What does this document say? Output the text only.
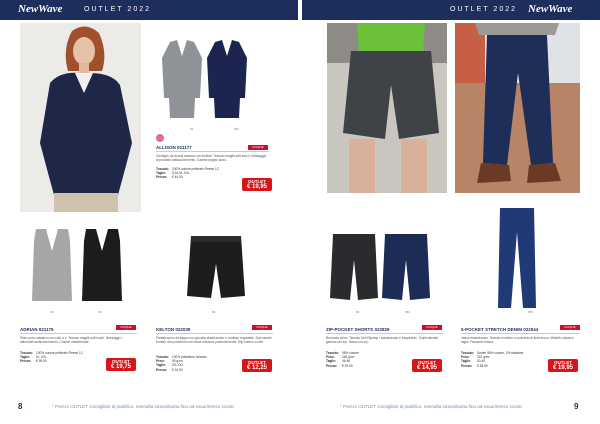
NewWave	OUTLET 2022	OUTLET 2022 NewWave
96	580
ALLISON 021177	CLIQUE
Cardigan da donna classico con bottoni. Tessuto maglia soft touch, finissaggio di prodotto antiscolorimento. Cadrea doppio pizzo.
Tessuto: 100% cotone pettinato Fleece 12
Taglie: S-M-XL-XXL
Prezzo: € 44,50
OUTLET
€ 19,95
95	99	99
ADRIAN 021175	CLIQUE
Gilet uomo classico con collo a V. Tessuto maglia soft touch, finissaggio / ablucotati antiscolorimento. Costine elasticizzate.
Tessuto: 100% cotone pettinato Fleece 12
Taglie: XL-XXL
Prezzo: € 39,50	OUTLET
€ 19,75
KELTON 022039	CLIQUE
Pantaloncino da bagno con girovita elasticizzato e coulisse regolabile. Due tasche frontali, due posteriori con tasca chiusura posteriormente. Slip interno a rete.
Tessuto: 100% poliestere riciclato
Peso: 95 g/m²
Taglie: XS-XXL
Prezzo: € 24,50
OUTLET
€ 12,25
96	580	580
ZIP-POCKET SHORTS 022829	CLIQUE
Bermuda chino. Tessuto Drill Ripstop / elasticizzato e traspirante. Giulia laterale gamba con zip. Tasca con zip.
Tessuto: 98% cotone
Peso: 265 g/m²
Taglie: 46-56
Prezzo: € 29,90
OUTLET
€ 14,95
5-POCKET STRETCH DENIM 022044	CLIQUE
Jeans elasticizzato. Tessuto morbido a contrasto di tinta fuoco. Modello classico taglio. Passanti cintura.
Tessuto: Denim 98% cotone, 2% elastane
Peso: 331 g/m²
Taglie: 30-40
Prezzo: € 38,50
OUTLET
€ 19,95
8	* Prezzo OUTLET consigliato al pubblico. Svendita straordinaria fino ad esaurimento scorte.	* Prezzo OUTLET consigliato al pubblico. Svendita straordinaria fino ad esaurimento scorte.	9
